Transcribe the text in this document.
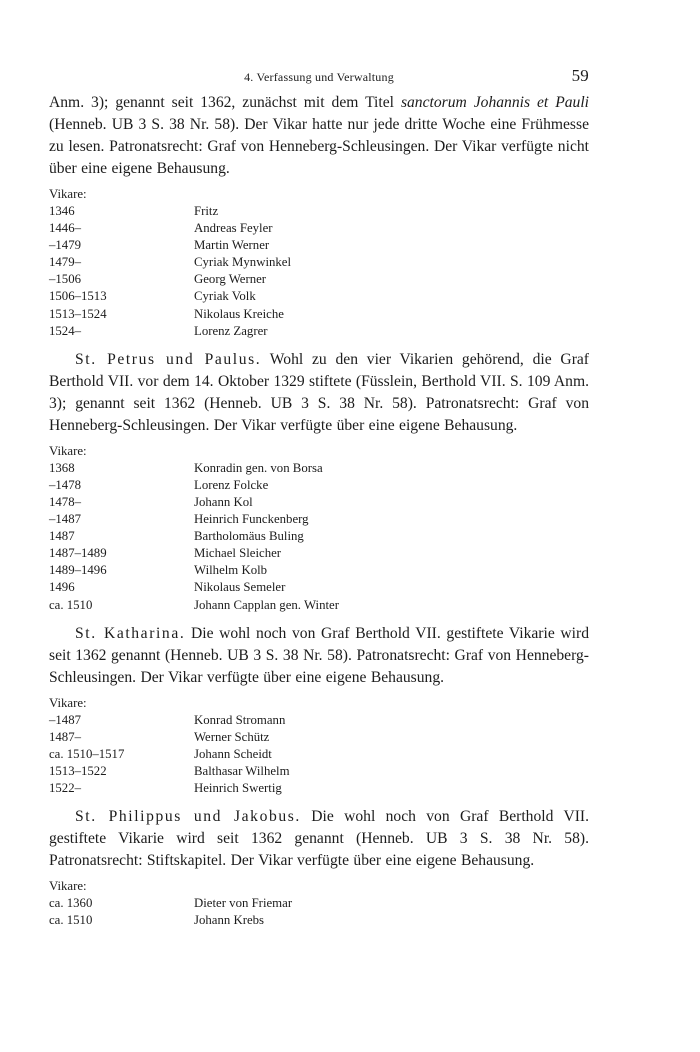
4. Verfassung und Verwaltung	59

Anm. 3); genannt seit 1362, zunächst mit dem Titel sanctorum Johannis et Pauli (Henneb. UB 3 S. 38 Nr. 58). Der Vikar hatte nur jede dritte Woche eine Frühmesse zu lesen. Patronatsrecht: Graf von Henneberg-Schleusingen. Der Vikar verfügte nicht über eine eigene Behausung.

Vikare:
1346	Fritz
1446–	Andreas Feyler
–1479	Martin Werner
1479–	Cyriak Mynwinkel
–1506	Georg Werner
1506–1513	Cyriak Volk
1513–1524	Nikolaus Kreiche
1524–	Lorenz Zagrer

St. Petrus und Paulus. Wohl zu den vier Vikarien gehörend, die Graf Berthold VII. vor dem 14. Oktober 1329 stiftete (Füsslein, Berthold VII. S. 109 Anm. 3); genannt seit 1362 (Henneb. UB 3 S. 38 Nr. 58). Patronatsrecht: Graf von Henneberg-Schleusingen. Der Vikar verfügte über eine eigene Behausung.

Vikare:
1368	Konradin gen. von Borsa
–1478	Lorenz Folcke
1478–	Johann Kol
–1487	Heinrich Funckenberg
1487	Bartholomäus Buling
1487–1489	Michael Sleicher
1489–1496	Wilhelm Kolb
1496	Nikolaus Semeler
ca. 1510	Johann Capplan gen. Winter

St. Katharina. Die wohl noch von Graf Berthold VII. gestiftete Vikarie wird seit 1362 genannt (Henneb. UB 3 S. 38 Nr. 58). Patronatsrecht: Graf von Henneberg-Schleusingen. Der Vikar verfügte über eine eigene Behausung.

Vikare:
–1487	Konrad Stromann
1487–	Werner Schütz
ca. 1510–1517	Johann Scheidt
1513–1522	Balthasar Wilhelm
1522–	Heinrich Swertig

St. Philippus und Jakobus. Die wohl noch von Graf Berthold VII. gestiftete Vikarie wird seit 1362 genannt (Henneb. UB 3 S. 38 Nr. 58). Patronatsrecht: Stiftskapitel. Der Vikar verfügte über eine eigene Behausung.

Vikare:
ca. 1360	Dieter von Friemar
ca. 1510	Johann Krebs
